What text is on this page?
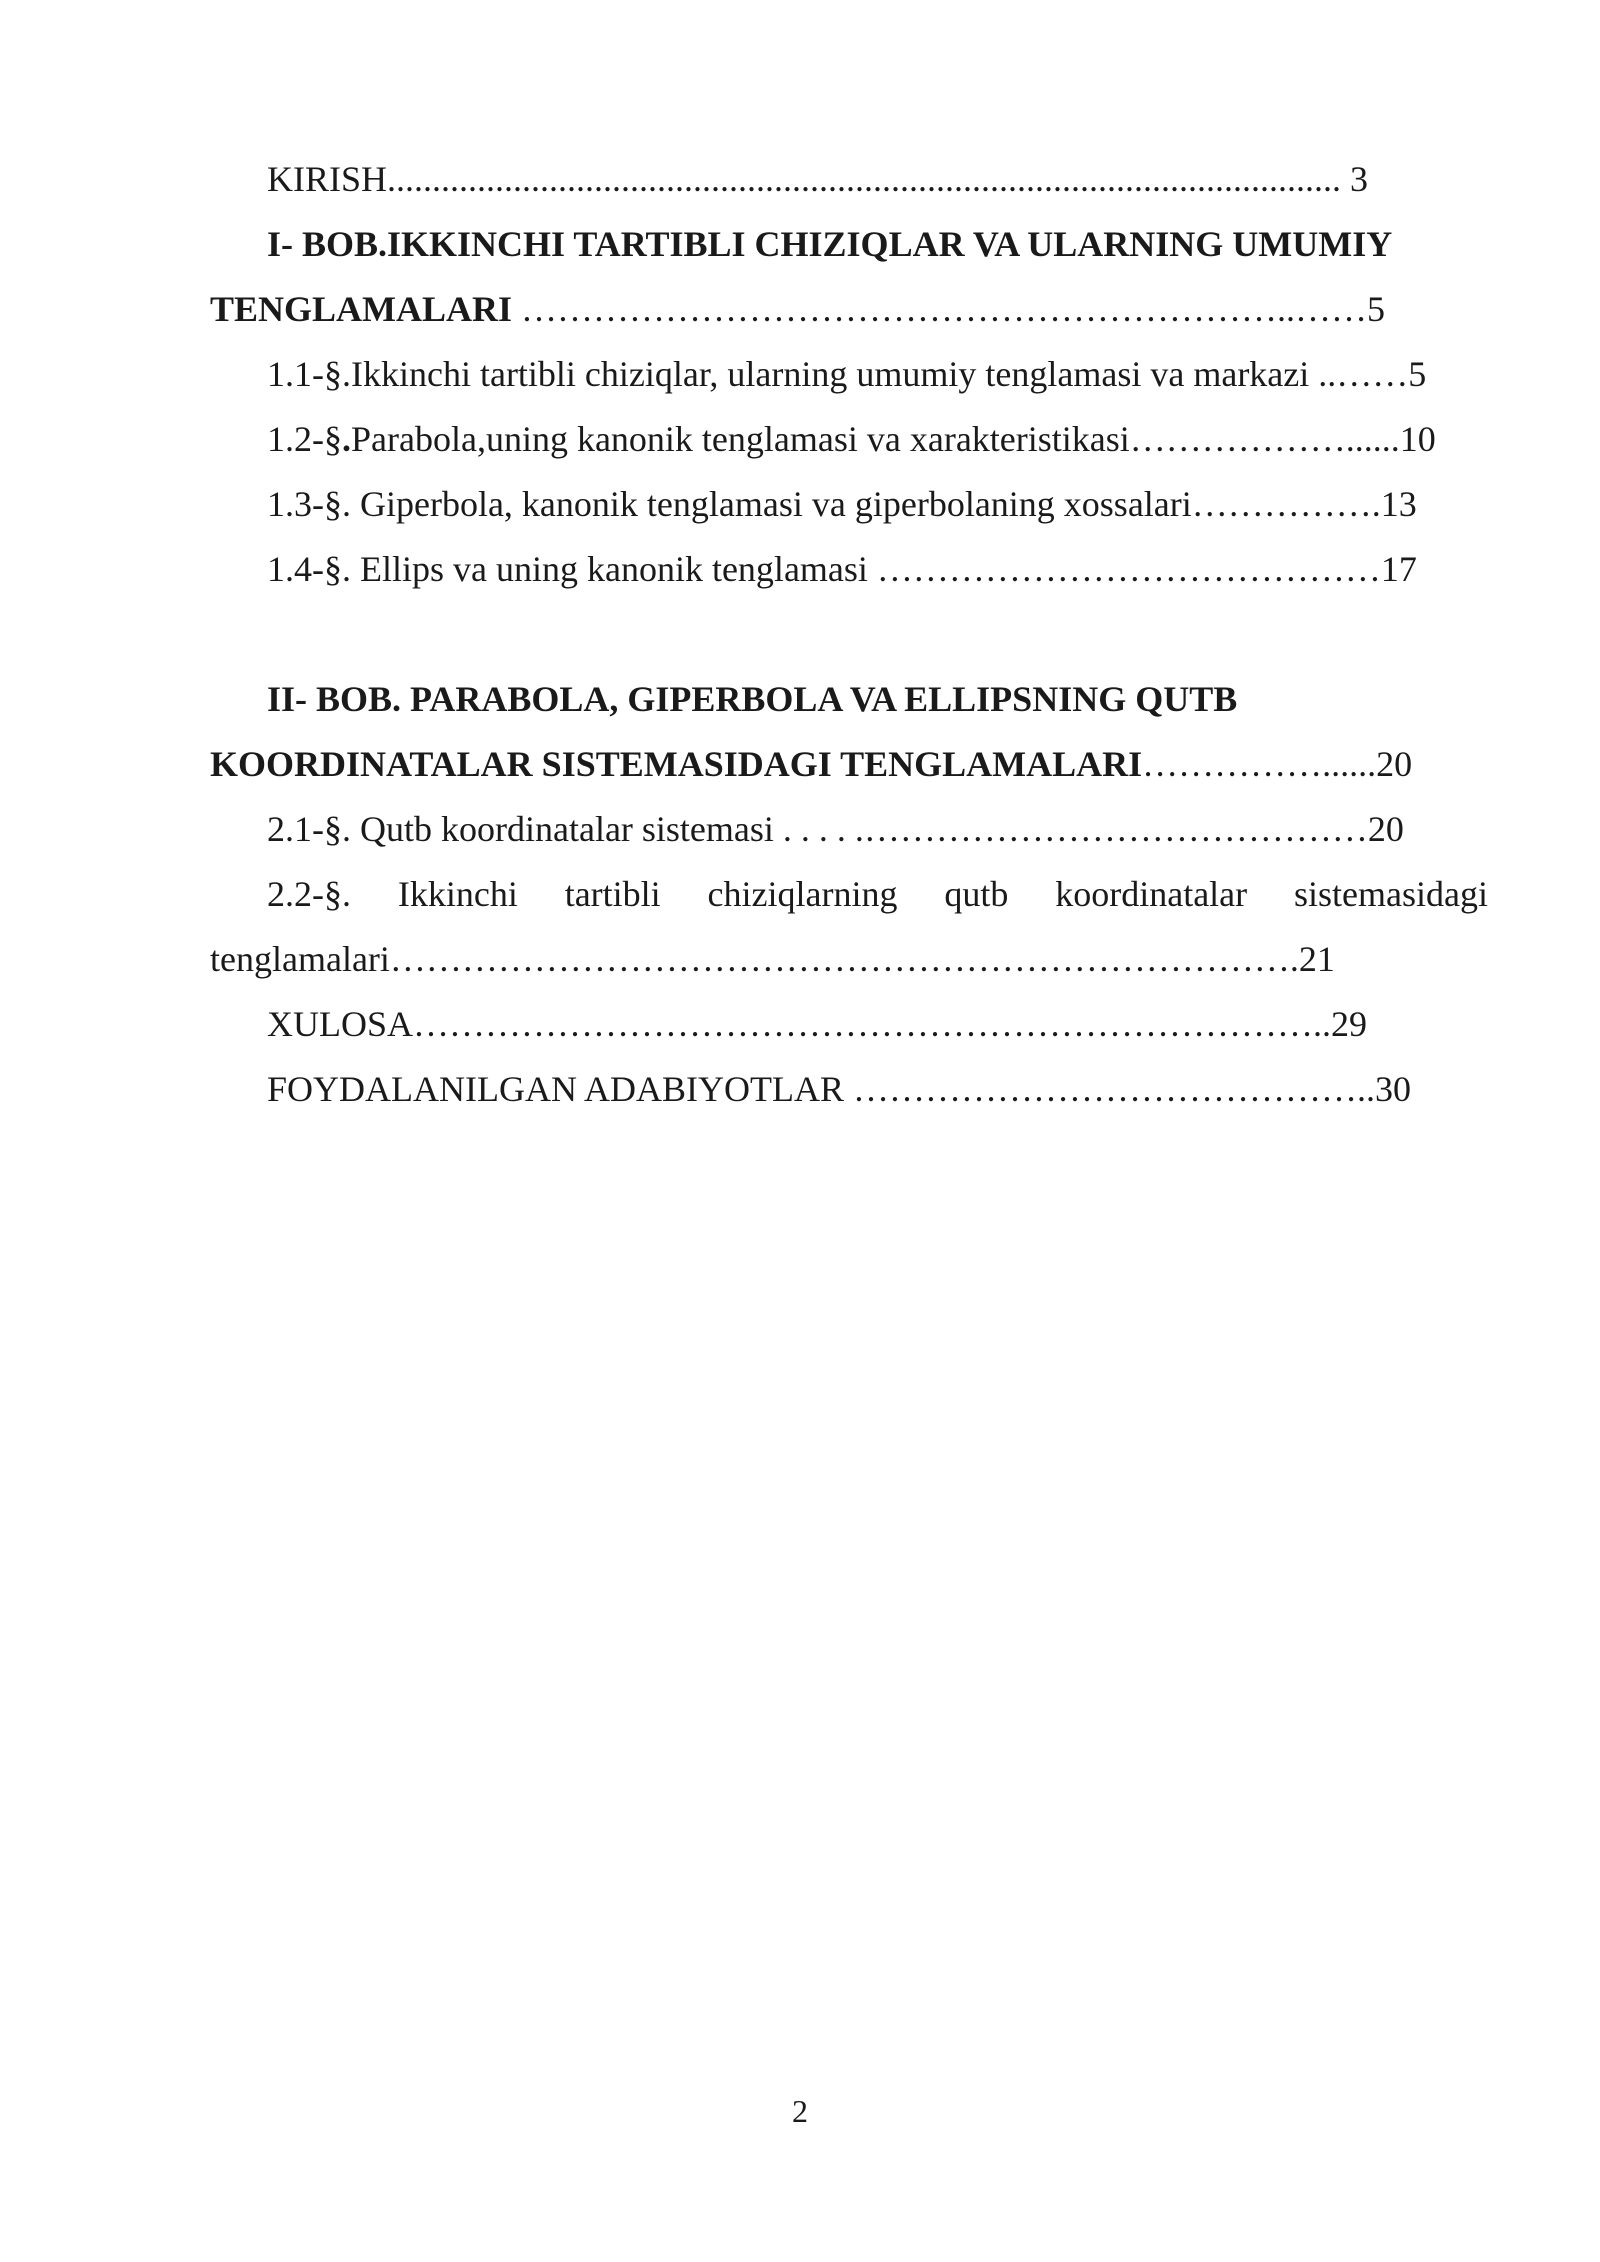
KIRISH.......................................................................................................... 3
I- BOB.IKKINCHI TARTIBLI CHIZIQLAR VA ULARNING UMUMIY
TENGLAMALARI ………………………………………………………..……5
1.1-§.Ikkinchi tartibli chiziqlar, ularning umumiy tenglamasi va markazi ..……5
1.2-§.Parabola,uning kanonik tenglamasi va xarakteristikasi………………......10
1.3-§. Giperbola, kanonik tenglamasi va giperbolaning xossalari…………….13
1.4-§. Ellips va uning kanonik tenglamasi ……………………………………17
II- BOB. PARABOLA, GIPERBOLA VA ELLIPSNING QUTB
KOORDINATALAR SISTEMASIDAGI TENGLAMALARI……………......20
2.1-§. Qutb koordinatalar sistemasi . . . . .……………………………………20
2.2-§. Ikkinchi tartibli chiziqlarning qutb koordinatalar sistemasidagi
tenglamalari………………………………………………………………….21
XULOSA…………………………………………………………………..29
FOYDALANILGAN ADABIYOTLAR ……………………………………..30
2
